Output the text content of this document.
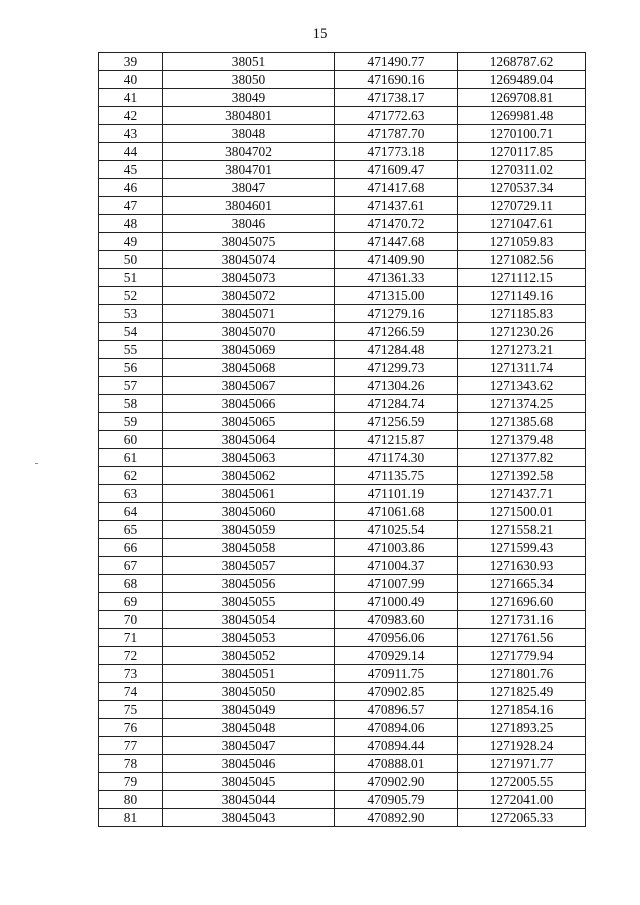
15
39	38051	471490.77	1268787.62
40	38050	471690.16	1269489.04
41	38049	471738.17	1269708.81
42	3804801	471772.63	1269981.48
43	38048	471787.70	1270100.71
44	3804702	471773.18	1270117.85
45	3804701	471609.47	1270311.02
46	38047	471417.68	1270537.34
47	3804601	471437.61	1270729.11
48	38046	471470.72	1271047.61
49	38045075	471447.68	1271059.83
50	38045074	471409.90	1271082.56
51	38045073	471361.33	1271112.15
52	38045072	471315.00	1271149.16
53	38045071	471279.16	1271185.83
54	38045070	471266.59	1271230.26
55	38045069	471284.48	1271273.21
56	38045068	471299.73	1271311.74
57	38045067	471304.26	1271343.62
58	38045066	471284.74	1271374.25
59	38045065	471256.59	1271385.68
60	38045064	471215.87	1271379.48
61	38045063	471174.30	1271377.82
62	38045062	471135.75	1271392.58
63	38045061	471101.19	1271437.71
64	38045060	471061.68	1271500.01
65	38045059	471025.54	1271558.21
66	38045058	471003.86	1271599.43
67	38045057	471004.37	1271630.93
68	38045056	471007.99	1271665.34
69	38045055	471000.49	1271696.60
70	38045054	470983.60	1271731.16
71	38045053	470956.06	1271761.56
72	38045052	470929.14	1271779.94
73	38045051	470911.75	1271801.76
74	38045050	470902.85	1271825.49
75	38045049	470896.57	1271854.16
76	38045048	470894.06	1271893.25
77	38045047	470894.44	1271928.24
78	38045046	470888.01	1271971.77
79	38045045	470902.90	1272005.55
80	38045044	470905.79	1272041.00
81	38045043	470892.90	1272065.33
